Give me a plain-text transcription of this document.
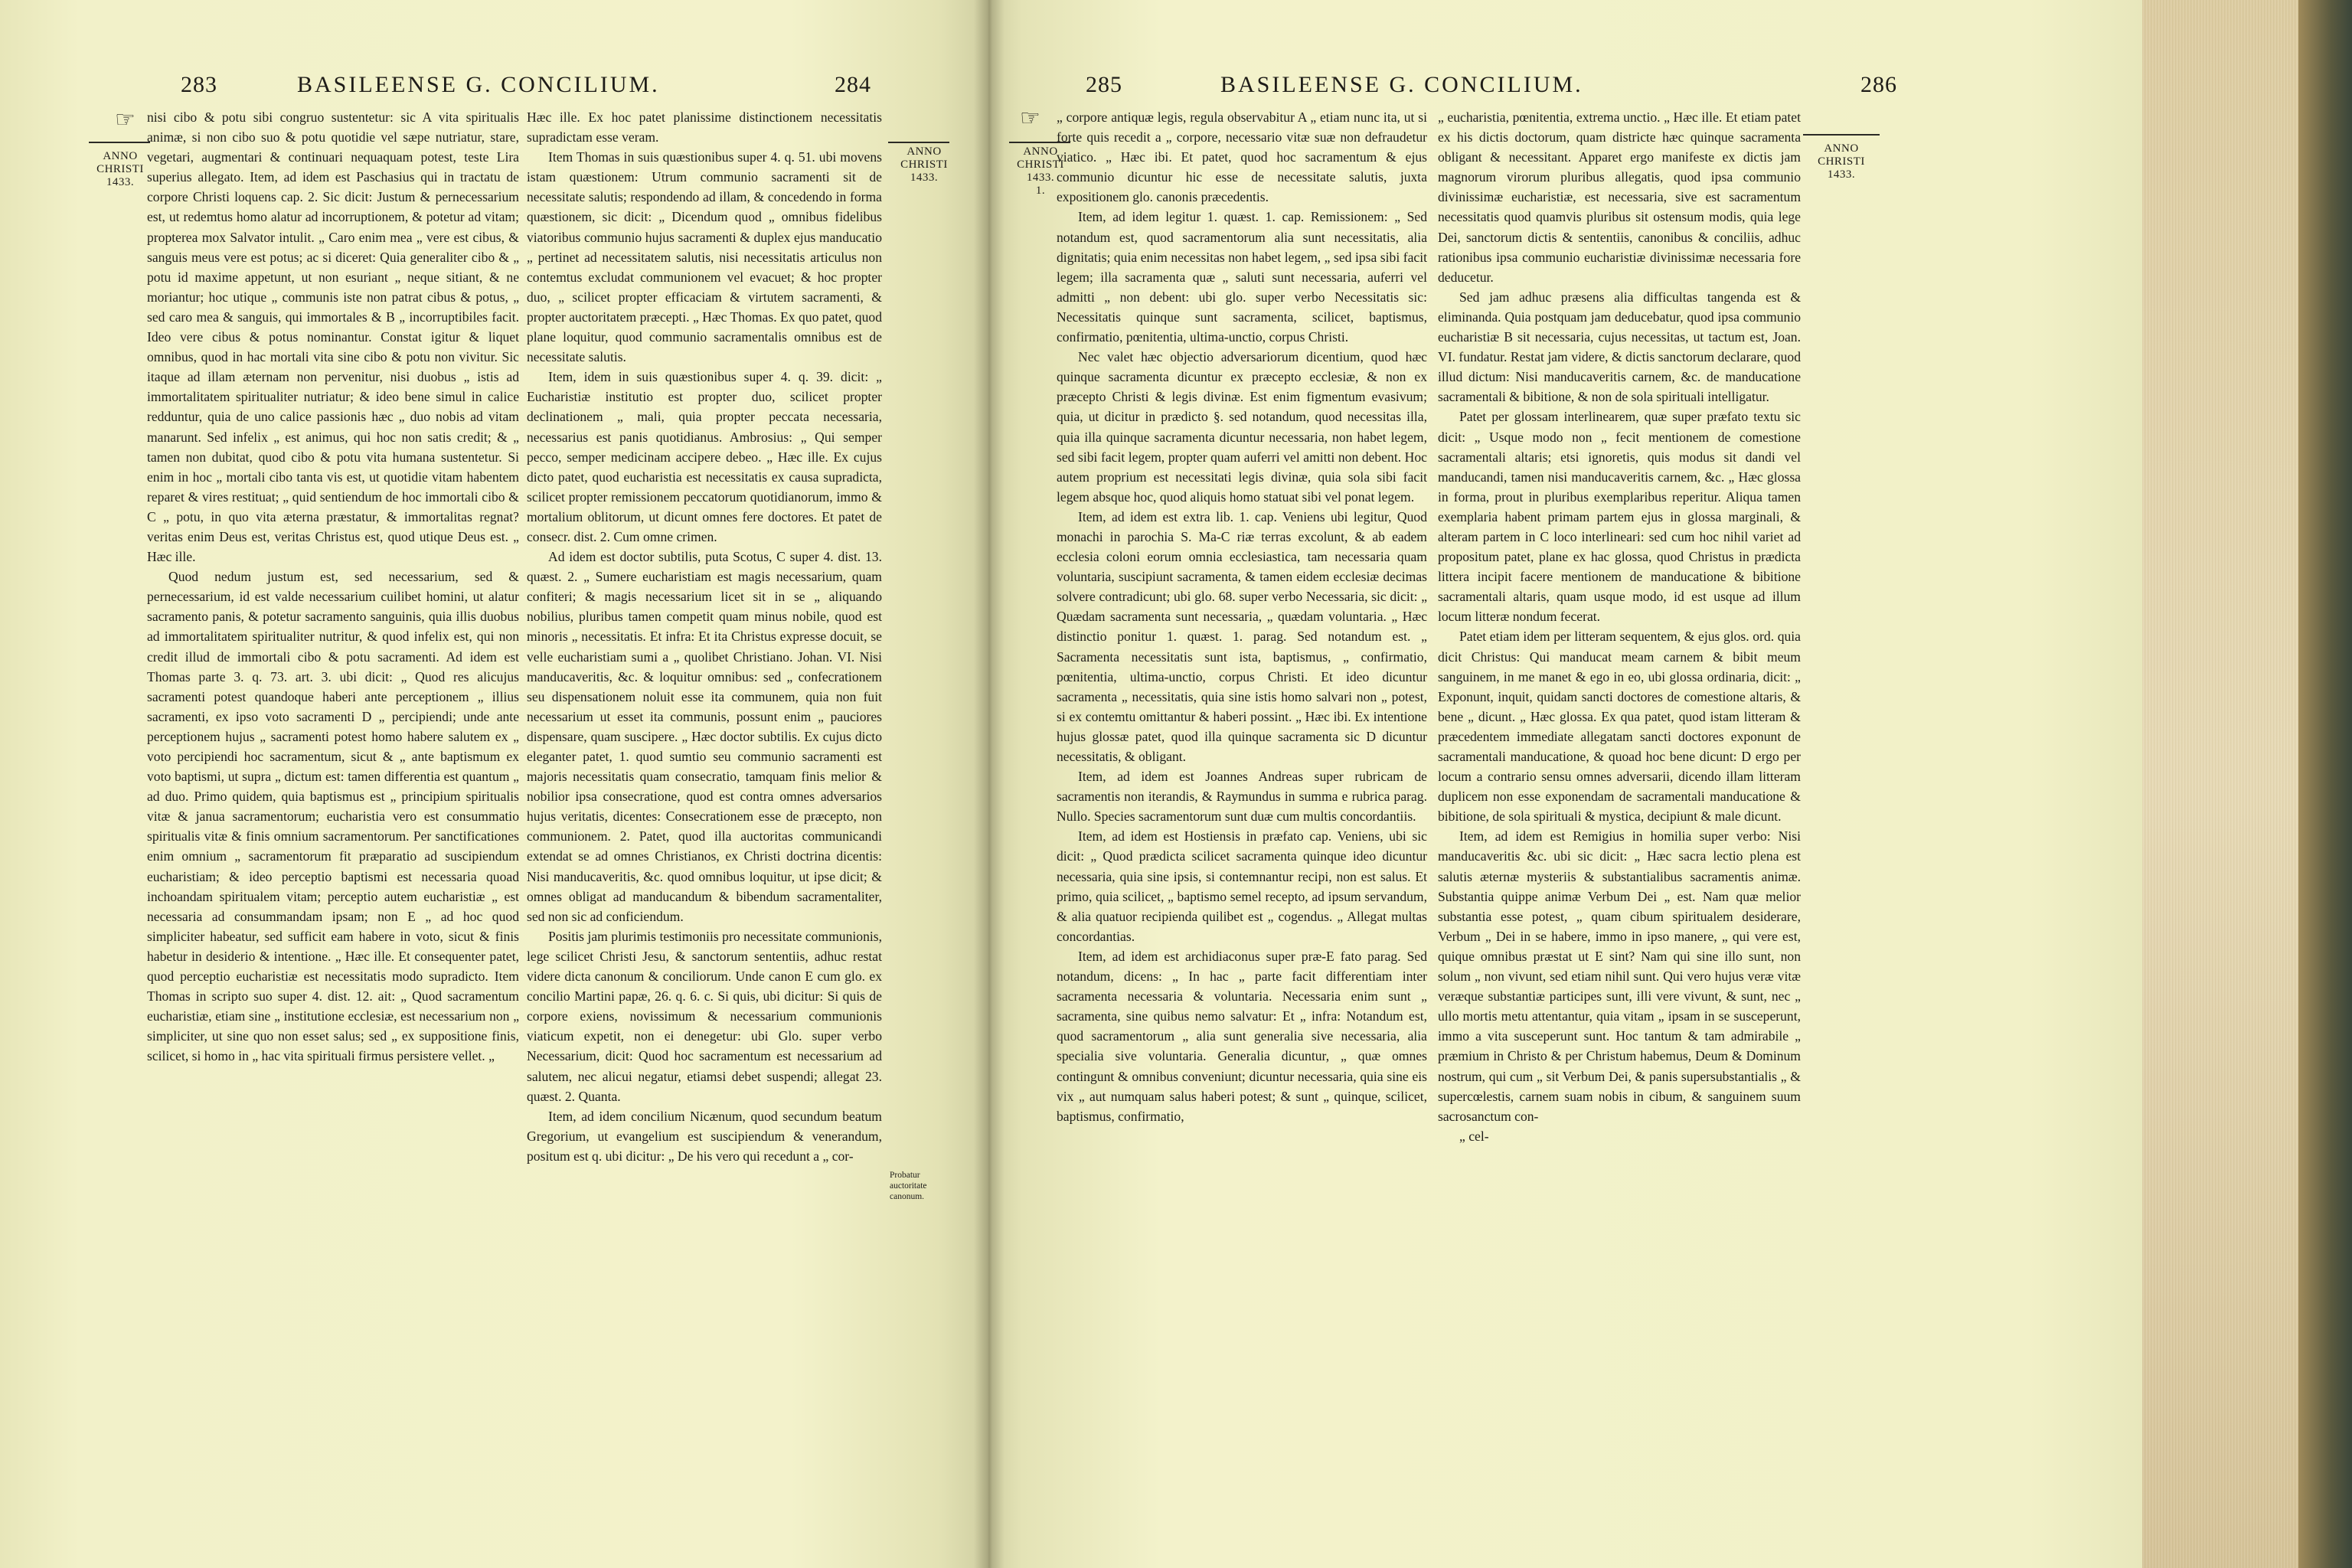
283	BASILEENSE G. CONCILIUM.	284	285	BASILEENSE G. CONCILIUM.	286
☞	☞
ANNO
CHRISTI
1433.
ANNO
CHRISTI
1433.
ANNO
CHRISTI
1433.
1.
ANNO
CHRISTI
1433.
Probatur auctoritate canonum.

nisi cibo & potu sibi congruo sustentetur: sic A vita spiritualis animæ, si non cibo suo & potu quotidie vel sæpe nutriatur, stare, vegetari, augmentari & continuari nequaquam potest, teste Lira superius allegato. Item, ad idem est Paschasius qui in tractatu de corpore Christi loquens cap. 2. Sic dicit: Justum & pernecessarium est, ut redemtus homo alatur ad incorruptionem, & potetur ad vitam; propterea mox Salvator intulit. „ Caro enim mea „ vere est cibus, & sanguis meus vere est potus; ac si diceret: Quia generaliter cibo & „ potu id maxime appetunt, ut non esuriant „ neque sitiant, & ne moriantur; hoc utique „ communis iste non patrat cibus & potus, „ sed caro mea & sanguis, qui immortales & B „ incorruptibiles facit. Ideo vere cibus & potus nominantur. Constat igitur & liquet omnibus, quod in hac mortali vita sine cibo & potu non vivitur. Sic itaque ad illam æternam non pervenitur, nisi duobus „ istis ad immortalitatem spiritualiter nutriatur; & ideo bene simul in calice redduntur, quia de uno calice passionis hæc „ duo nobis ad vitam manarunt. Sed infelix „ est animus, qui hoc non satis credit; & „ tamen non dubitat, quod cibo & potu vita humana sustentetur. Si enim in hoc „ mortali cibo tanta vis est, ut quotidie vitam habentem reparet & vires restituat; „ quid sentiendum de hoc immortali cibo & C „ potu, in quo vita æterna præstatur, & immortalitas regnat? veritas enim Deus est, veritas Christus est, quod utique Deus est. „ Hæc ille.

Quod nedum justum est, sed necessarium, sed & pernecessarium, id est valde necessarium cuilibet homini, ut alatur sacramento panis, & potetur sacramento sanguinis, quia illis duobus ad immortalitatem spiritualiter nutritur, & quod infelix est, qui non credit illud de immortali cibo & potu sacramenti. Ad idem est Thomas parte 3. q. 73. art. 3. ubi dicit: „ Quod res alicujus sacramenti potest quandoque haberi ante perceptionem „ illius sacramenti, ex ipso voto sacramenti D „ percipiendi; unde ante perceptionem hujus „ sacramenti potest homo habere salutem ex „ voto percipiendi hoc sacramentum, sicut & „ ante baptismum ex voto baptismi, ut supra „ dictum est: tamen differentia est quantum „ ad duo. Primo quidem, quia baptismus est „ principium spiritualis vitæ & janua sacramentorum; eucharistia vero est consummatio spiritualis vitæ & finis omnium sacramentorum. Per sanctificationes enim omnium „ sacramentorum fit præparatio ad suscipiendum eucharistiam; & ideo perceptio baptismi est necessaria quoad inchoandam spiritualem vitam; perceptio autem eucharistiæ „ est necessaria ad consummandam ipsam; non E „ ad hoc quod simpliciter habeatur, sed sufficit eam habere in voto, sicut & finis habetur in desiderio & intentione. „ Hæc ille. Et consequenter patet, quod perceptio eucharistiæ est necessitatis modo supradicto. Item Thomas in scripto suo super 4. dist. 12. ait: „ Quod sacramentum eucharistiæ, etiam sine „ institutione ecclesiæ, est necessarium non „ simpliciter, ut sine quo non esset salus; sed „ ex suppositione finis, scilicet, si homo in „ hac vita spirituali firmus persistere vellet. „

Hæc ille. Ex hoc patet planissime distinctionem necessitatis supradictam esse veram.

Item Thomas in suis quæstionibus super 4. q. 51. ubi movens istam quæstionem: Utrum communio sacramenti sit de necessitate salutis; respondendo ad illam, & concedendo in forma quæstionem, sic dicit: „ Dicendum quod „ omnibus fidelibus viatoribus communio hujus sacramenti & duplex ejus manducatio „ pertinet ad necessitatem salutis, nisi necessitatis articulus non contemtus excludat communionem vel evacuet; & hoc propter duo, „ scilicet propter efficaciam & virtutem sacramenti, & propter auctoritatem præcepti. „ Hæc Thomas. Ex quo patet, quod plane loquitur, quod communio sacramentalis omnibus est de necessitate salutis.

Item, idem in suis quæstionibus super 4. q. 39. dicit: „ Eucharistiæ institutio est propter duo, scilicet propter declinationem „ mali, quia propter peccata necessaria, necessarius est panis quotidianus. Ambrosius: „ Qui semper pecco, semper medicinam accipere debeo. „ Hæc ille. Ex cujus dicto patet, quod eucharistia est necessitatis ex causa supradicta, scilicet propter remissionem peccatorum quotidianorum, immo & mortalium oblitorum, ut dicunt omnes fere doctores. Et patet de consecr. dist. 2. Cum omne crimen.

Ad idem est doctor subtilis, puta Scotus, C super 4. dist. 13. quæst. 2. „ Sumere eucharistiam est magis necessarium, quam confiteri; & magis necessarium licet sit in se „ aliquando nobilius, pluribus tamen competit quam minus nobile, quod est minoris „ necessitatis. Et infra: Et ita Christus expresse docuit, se velle eucharistiam sumi a „ quolibet Christiano. Johan. VI. Nisi manducaveritis, &c. & loquitur omnibus: sed „ confecrationem seu dispensationem noluit esse ita communem, quia non fuit necessarium ut esset ita communis, possunt enim „ pauciores dispensare, quam suscipere. „ Hæc doctor subtilis. Ex cujus dicto eleganter patet, 1. quod sumtio seu communio sacramenti est majoris necessitatis quam consecratio, tamquam finis melior & nobilior ipsa consecratione, quod est contra omnes adversarios hujus veritatis, dicentes: Consecrationem esse de præcepto, non communionem. 2. Patet, quod illa auctoritas communicandi extendat se ad omnes Christianos, ex Christi doctrina dicentis: Nisi manducaveritis, &c. quod omnibus loquitur, ut ipse dicit; & omnes obligat ad manducandum & bibendum sacramentaliter, sed non sic ad conficiendum.

Positis jam plurimis testimoniis pro necessitate communionis, lege scilicet Christi Jesu, & sanctorum sententiis, adhuc restat videre dicta canonum & conciliorum. Unde canon E cum glo. ex concilio Martini papæ, 26. q. 6. c. Si quis, ubi dicitur: Si quis de corpore exiens, novissimum & necessarium communionis viaticum expetit, non ei denegetur: ubi Glo. super verbo Necessarium, dicit: Quod hoc sacramentum est necessarium ad salutem, nec alicui negatur, etiamsi debet suspendi; allegat 23. quæst. 2. Quanta.

Item, ad idem concilium Nicænum, quod secundum beatum Gregorium, ut evangelium est suscipiendum & venerandum, positum est q. ubi dicitur: „ De his vero qui recedunt a „ cor-

„ corpore antiquæ legis, regula observabitur A „ etiam nunc ita, ut si forte quis recedit a „ corpore, necessario vitæ suæ non defraudetur viatico. „ Hæc ibi. Et patet, quod hoc sacramentum & ejus communio dicuntur hic esse de necessitate salutis, juxta expositionem glo. canonis præcedentis.

Item, ad idem legitur 1. quæst. 1. cap. Remissionem: „ Sed notandum est, quod sacramentorum alia sunt necessitatis, alia dignitatis; quia enim necessitas non habet legem, „ sed ipsa sibi facit legem; illa sacramenta quæ „ saluti sunt necessaria, auferri vel admitti „ non debent: ubi glo. super verbo Necessitatis sic: Necessitatis quinque sunt sacramenta, scilicet, baptismus, confirmatio, pœnitentia, ultima-unctio, corpus Christi.

Nec valet hæc objectio adversariorum dicentium, quod hæc quinque sacramenta dicuntur ex præcepto ecclesiæ, & non ex præcepto Christi & legis divinæ. Est enim figmentum evasivum; quia, ut dicitur in prædicto §. sed notandum, quod necessitas illa, quia illa quinque sacramenta dicuntur necessaria, non habet legem, sed sibi facit legem, propter quam auferri vel amitti non debent. Hoc autem proprium est necessitati legis divinæ, quia sola sibi facit legem absque hoc, quod aliquis homo statuat sibi vel ponat legem.

Item, ad idem est extra lib. 1. cap. Veniens ubi legitur, Quod monachi in parochia S. Ma-C riæ terras excolunt, & ab eadem ecclesia coloni eorum omnia ecclesiastica, tam necessaria quam voluntaria, suscipiunt sacramenta, & tamen eidem ecclesiæ decimas solvere contradicunt; ubi glo. 68. super verbo Necessaria, sic dicit: „ Quædam sacramenta sunt necessaria, „ quædam voluntaria. „ Hæc distinctio ponitur 1. quæst. 1. parag. Sed notandum est. „ Sacramenta necessitatis sunt ista, baptismus, „ confirmatio, pœnitentia, ultima-unctio, corpus Christi. Et ideo dicuntur sacramenta „ necessitatis, quia sine istis homo salvari non „ potest, si ex contemtu omittantur & haberi possint. „ Hæc ibi. Ex intentione hujus glossæ patet, quod illa quinque sacramenta sic D dicuntur necessitatis, & obligant.

Item, ad idem est Joannes Andreas super rubricam de sacramentis non iterandis, & Raymundus in summa e rubrica parag. Nullo. Species sacramentorum sunt duæ cum multis concordantiis.

Item, ad idem est Hostiensis in præfato cap. Veniens, ubi sic dicit: „ Quod prædicta scilicet sacramenta quinque ideo dicuntur necessaria, quia sine ipsis, si contemnantur recipi, non est salus. Et primo, quia scilicet, „ baptismo semel recepto, ad ipsum servandum, & alia quatuor recipienda quilibet est „ cogendus. „ Allegat multas concordantias.

Item, ad idem est archidiaconus super præ-E fato parag. Sed notandum, dicens: „ In hac „ parte facit differentiam inter sacramenta necessaria & voluntaria. Necessaria enim sunt „ sacramenta, sine quibus nemo salvatur: Et „ infra: Notandum est, quod sacramentorum „ alia sunt generalia sive necessaria, alia specialia sive voluntaria. Generalia dicuntur, „ quæ omnes contingunt & omnibus conveniunt; dicuntur necessaria, quia sine eis vix „ aut numquam salus haberi potest; & sunt „ quinque, scilicet, baptismus, confirmatio,

„ eucharistia, pœnitentia, extrema unctio. „ Hæc ille. Et etiam patet ex his dictis doctorum, quam districte hæc quinque sacramenta obligant & necessitant. Apparet ergo manifeste ex dictis jam magnorum virorum pluribus allegatis, quod ipsa communio divinissimæ eucharistiæ, est necessaria, sive est sacramentum necessitatis quod quamvis pluribus sit ostensum modis, quia lege Dei, sanctorum dictis & sententiis, canonibus & conciliis, adhuc rationibus ipsa communio eucharistiæ divinissimæ necessaria fore deducetur.

Sed jam adhuc præsens alia difficultas tangenda est & eliminanda. Quia postquam jam deducebatur, quod ipsa communio eucharistiæ B sit necessaria, cujus necessitas, ut tactum est, Joan. VI. fundatur. Restat jam videre, & dictis sanctorum declarare, quod illud dictum: Nisi manducaveritis carnem, &c. de manducatione sacramentali & bibitione, & non de sola spirituali intelligatur.

Patet per glossam interlinearem, quæ super præfato textu sic dicit: „ Usque modo non „ fecit mentionem de comestione sacramentali altaris; etsi ignoretis, quis modus sit dandi vel manducandi, tamen nisi manducaveritis carnem, &c. „ Hæc glossa in forma, prout in pluribus exemplaribus reperitur. Aliqua tamen exemplaria habent primam partem ejus in glossa marginali, & alteram partem in C loco interlineari: sed cum hoc nihil variet ad propositum patet, plane ex hac glossa, quod Christus in prædicta littera incipit facere mentionem de manducatione & bibitione sacramentali altaris, quam usque modo, id est usque ad illum locum litteræ nondum fecerat.

Patet etiam idem per litteram sequentem, & ejus glos. ord. quia dicit Christus: Qui manducat meam carnem & bibit meum sanguinem, in me manet & ego in eo, ubi glossa ordinaria, dicit: „ Exponunt, inquit, quidam sancti doctores de comestione altaris, & bene „ dicunt. „ Hæc glossa. Ex qua patet, quod istam litteram & præcedentem immediate allegatam sancti doctores exponunt de sacramentali manducatione, & quoad hoc bene dicunt: D ergo per locum a contrario sensu omnes adversarii, dicendo illam litteram duplicem non esse exponendam de sacramentali manducatione & bibitione, de sola spirituali & mystica, decipiunt & male dicunt.

Item, ad idem est Remigius in homilia super verbo: Nisi manducaveritis &c. ubi sic dicit: „ Hæc sacra lectio plena est salutis æternæ mysteriis & substantialibus sacramentis animæ. Substantia quippe animæ Verbum Dei „ est. Nam quæ melior substantia esse potest, „ quam cibum spiritualem desiderare, Verbum „ Dei in se habere, immo in ipso manere, „ qui vere est, quique omnibus præstat ut E sint? Nam qui sine illo sunt, non solum „ non vivunt, sed etiam nihil sunt. Qui vero hujus veræ vitæ veræque substantiæ participes sunt, illi vere vivunt, & sunt, nec „ ullo mortis metu attentantur, quia vitam „ ipsam in se susceperunt, immo a vita susceperunt sunt. Hoc tantum & tam admirabile „ præmium in Christo & per Christum habemus, Deum & Dominum nostrum, qui cum „ sit Verbum Dei, & panis supersubstantialis „ & supercœlestis, carnem suam nobis in cibum, & sanguinem suum sacrosanctum con-

„ cel-
